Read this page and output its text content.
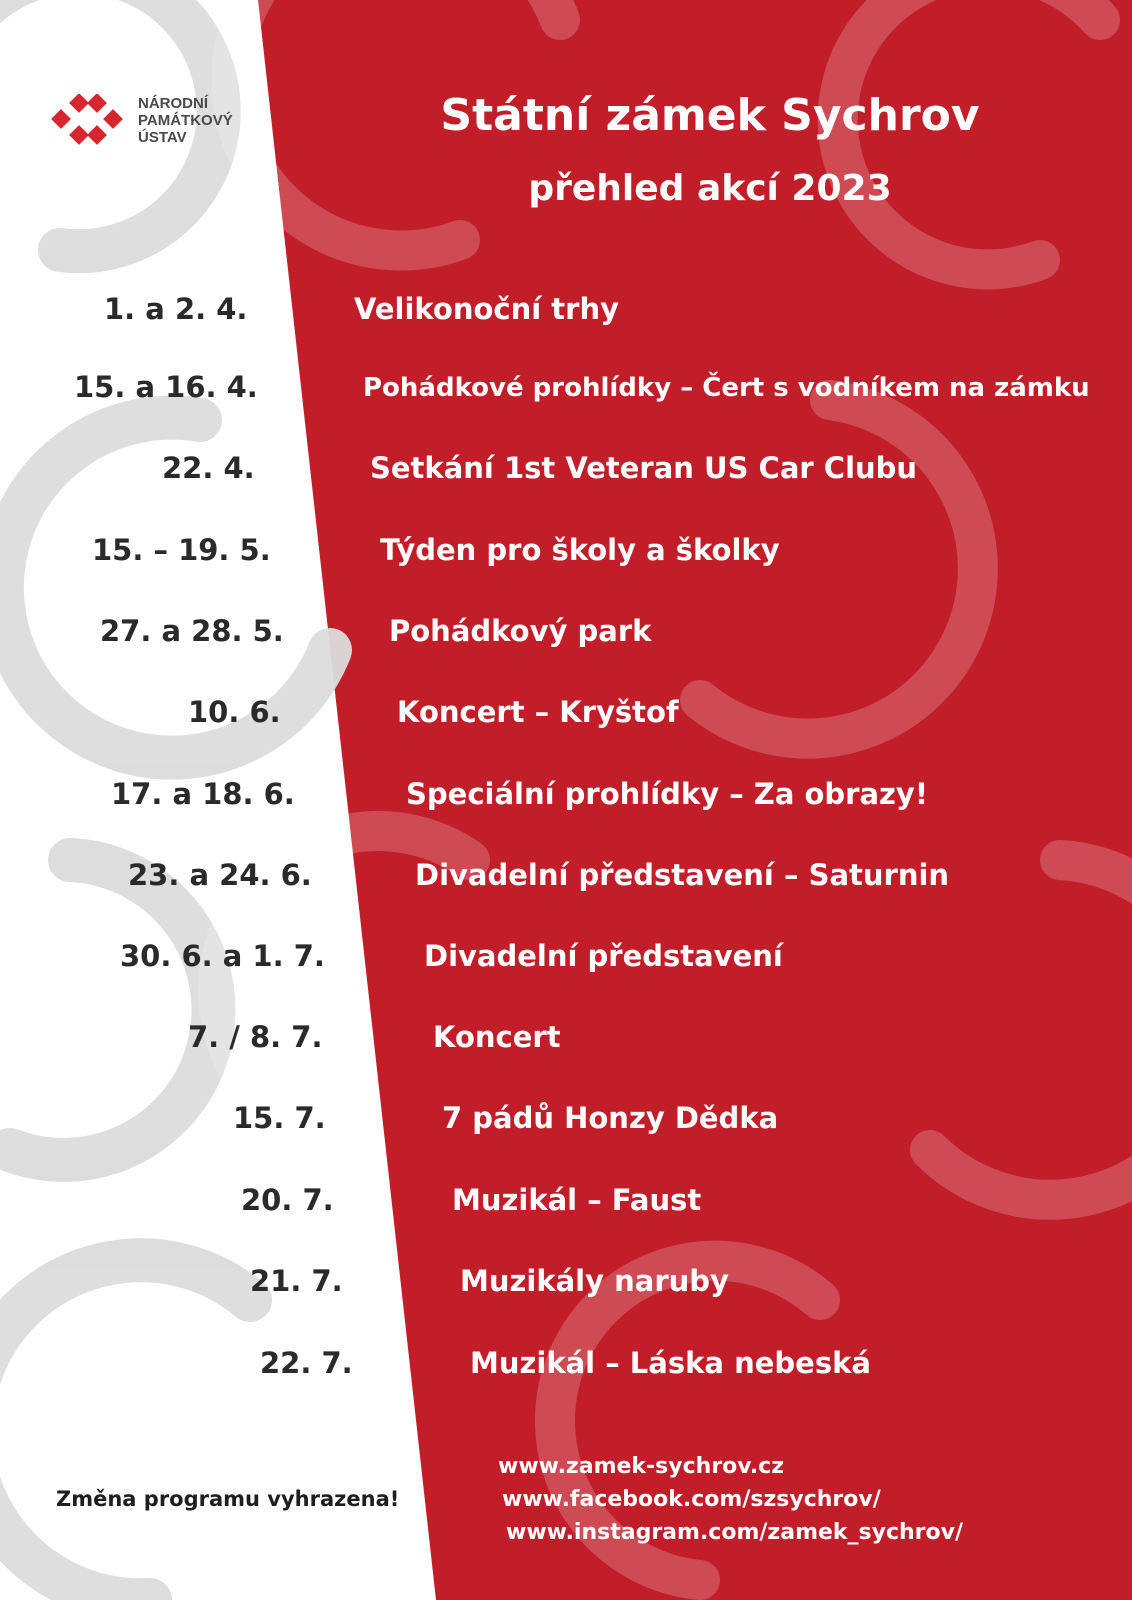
NÁRODNÍ
PAMÁTKOVÝ
ÚSTAV	Státní zámek Sychrov
přehled akcí 2023
1. a 2. 4.	Velikonoční trhy
15. a 16. 4.	Pohádkové prohlídky – Čert s vodníkem na zámku
22. 4.	Setkání 1st Veteran US Car Clubu
15. – 19. 5.	Týden pro školy a školky
27. a 28. 5.	Pohádkový park
10. 6.	Koncert – Kryštof
17. a 18. 6.	Speciální prohlídky – Za obrazy!
23. a 24. 6.	Divadelní představení – Saturnin
30. 6. a 1. 7.	Divadelní představení
7. / 8. 7.	Koncert
15. 7.	7 pádů Honzy Dědka
20. 7.	Muzikál – Faust
21. 7.	Muzikály naruby
22. 7.	Muzikál – Láska nebeská
Změna programu vyhrazena!
www.zamek-sychrov.cz
www.facebook.com/szsychrov/
www.instagram.com/zamek_sychrov/
